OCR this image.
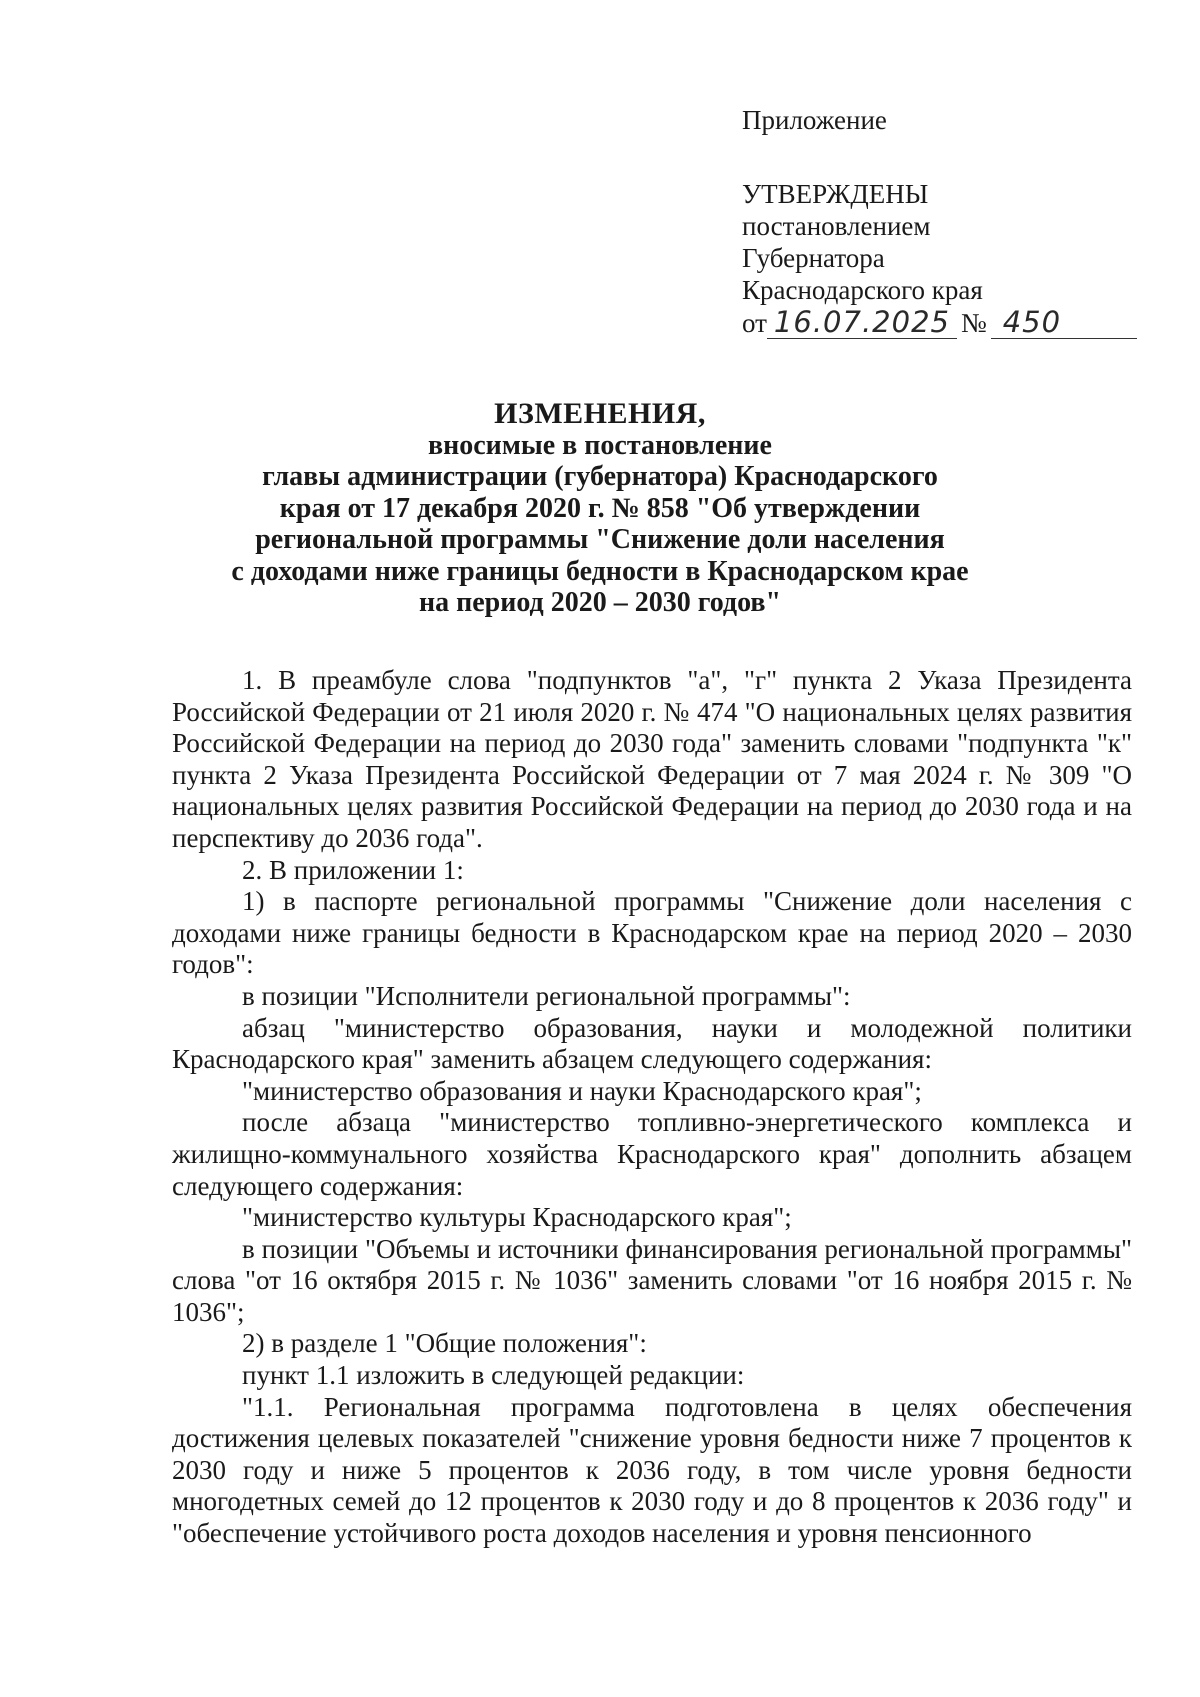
Приложение
УТВЕРЖДЕНЫ
постановлением
Губернатора
Краснодарского края
от 16.07.2025 № 450
ИЗМЕНЕНИЯ,
вносимые в постановление
главы администрации (губернатора) Краснодарского
края от 17 декабря 2020 г. № 858 "Об утверждении
региональной программы "Снижение доли населения
с доходами ниже границы бедности в Краснодарском крае
на период 2020 – 2030 годов"

1. В преамбуле слова "подпунктов "а", "г" пункта 2 Указа Президента Российской Федерации от 21 июля 2020 г. № 474 "О национальных целях развития Российской Федерации на период до 2030 года" заменить словами "подпункта "к" пункта 2 Указа Президента Российской Федерации от 7 мая 2024 г. № 309 "О национальных целях развития Российской Федерации на период до 2030 года и на перспективу до 2036 года".

2. В приложении 1:

1) в паспорте региональной программы "Снижение доли населения с доходами ниже границы бедности в Краснодарском крае на период 2020 – 2030 годов":

в позиции "Исполнители региональной программы":

абзац "министерство образования, науки и молодежной политики Краснодарского края" заменить абзацем следующего содержания:

"министерство образования и науки Краснодарского края";

после абзаца "министерство топливно-энергетического комплекса и жилищно-коммунального хозяйства Краснодарского края" дополнить абзацем следующего содержания:

"министерство культуры Краснодарского края";

в позиции "Объемы и источники финансирования региональной программы" слова "от 16 октября 2015 г. № 1036" заменить словами "от 16 ноября 2015 г. № 1036";

2) в разделе 1 "Общие положения":

пункт 1.1 изложить в следующей редакции:

"1.1. Региональная программа подготовлена в целях обеспечения достижения целевых показателей "снижение уровня бедности ниже 7 процентов к 2030 году и ниже 5 процентов к 2036 году, в том числе уровня бедности многодетных семей до 12 процентов к 2030 году и до 8 процентов к 2036 году" и "обеспечение устойчивого роста доходов населения и уровня пенсионного
